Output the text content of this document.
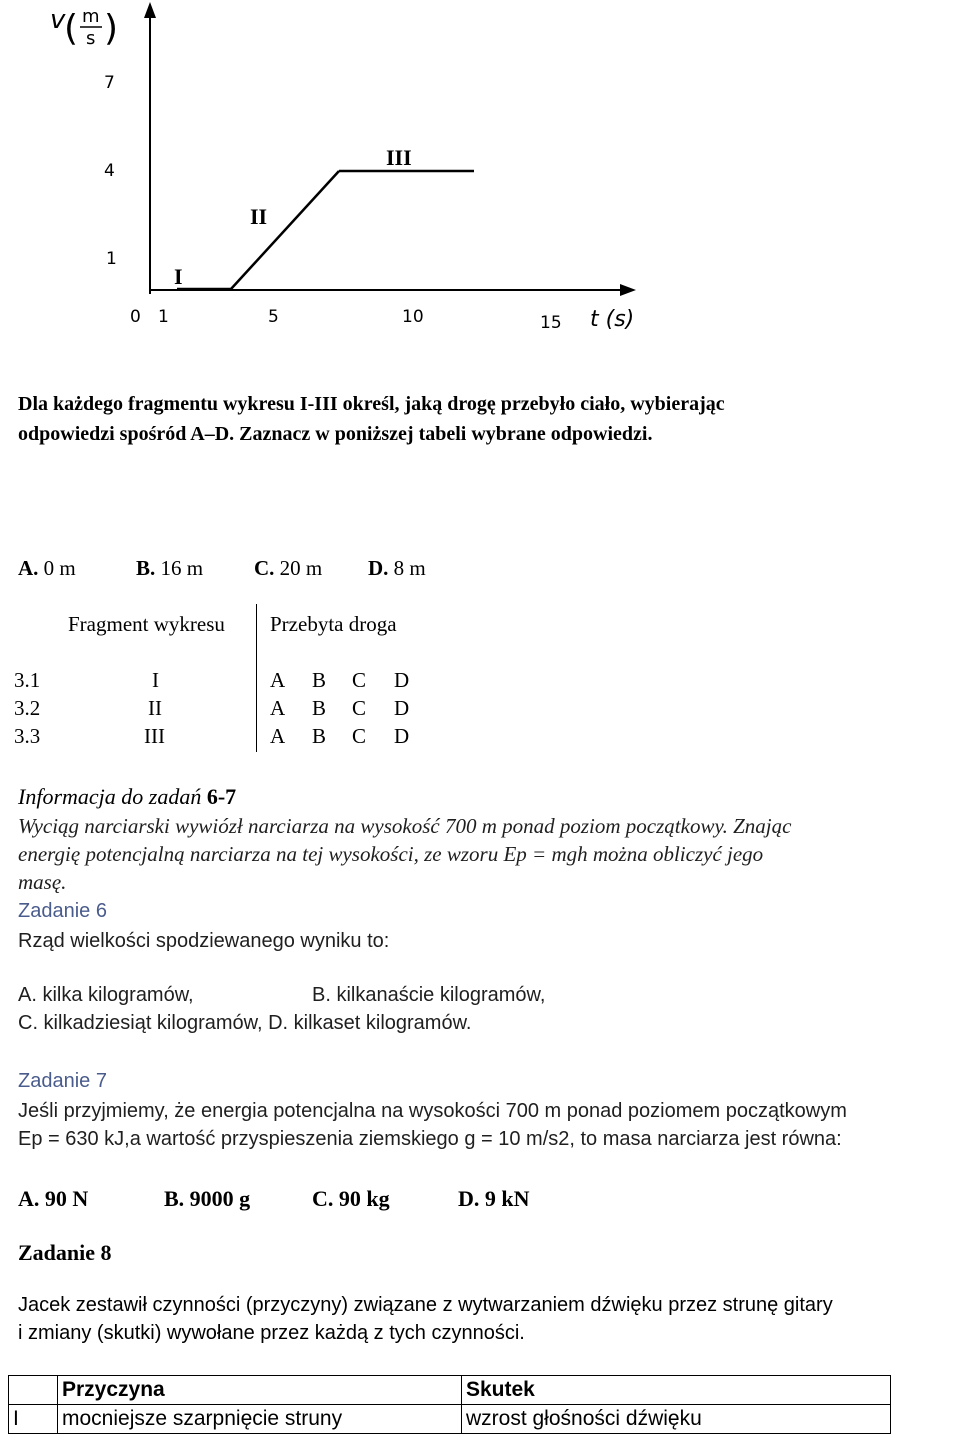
v
( m
s )
7
4
1
0 1	5	10	15 t (s)
I
II
III
Dla każdego fragmentu wykresu I-III określ, jaką drogę przebyło ciało, wybierając
odpowiedzi spośród A–D. Zaznacz w poniższej tabeli wybrane odpowiedzi.
A. 0 m	B. 16 m C. 20 m D. 8 m
Fragment wykresu Przebyta droga
3.1	I	A B C D
3.2	II	A B C D
3.3	III	A B C D
Informacja do zadań 6-7
Wyciąg narciarski wywiózł narciarza na wysokość 700 m ponad poziom początkowy. Znając
energię potencjalną narciarza na tej wysokości, ze wzoru Ep = mgh można obliczyć jego
masę.
Zadanie 6
Rząd wielkości spodziewanego wyniku to:
A. kilka kilogramów,	B. kilkanaście kilogramów,
C. kilkadziesiąt kilogramów, D. kilkaset kilogramów.
Zadanie 7
Jeśli przyjmiemy, że energia potencjalna na wysokości 700 m ponad poziomem początkowym
Ep = 630 kJ,a wartość przyspieszenia ziemskiego g = 10 m/s2, to masa narciarza jest równa:
A. 90 N	B. 9000 g	C. 90 kg	D. 9 kN
Zadanie 8
Jacek zestawił czynności (przyczyny) związane z wytwarzaniem dźwięku przez strunę gitary
i zmiany (skutki) wywołane przez każdą z tych czynności.
	Przyczyna	Skutek
I	mocniejsze szarpnięcie struny	wzrost głośności dźwięku
